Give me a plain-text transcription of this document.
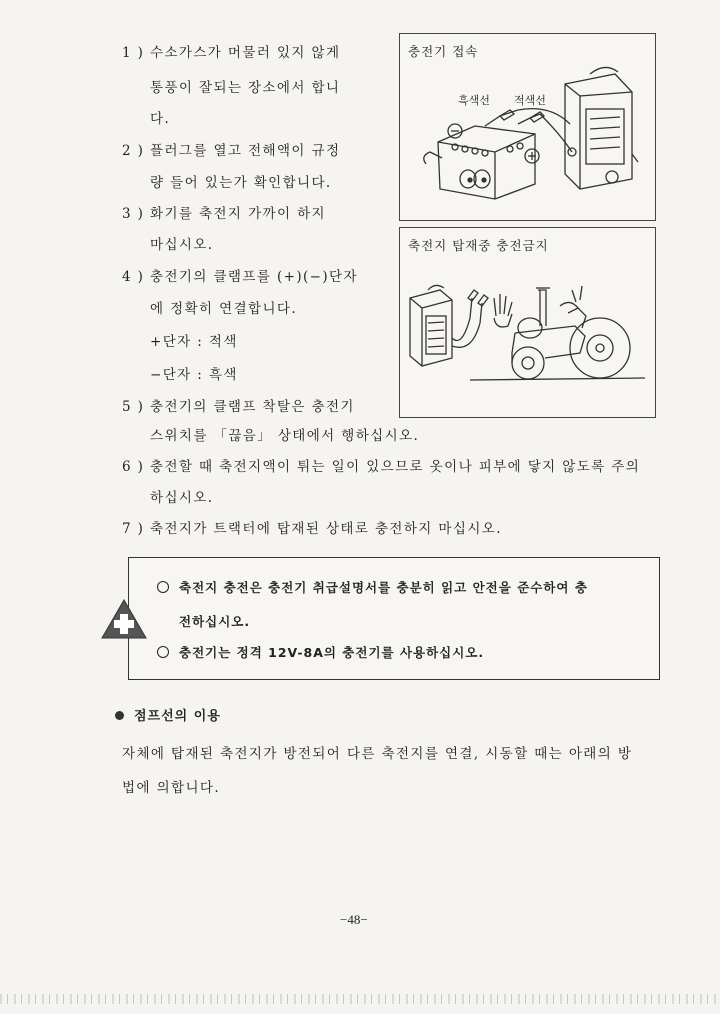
1 ) 수소가스가 머물러 있지 않게
통풍이 잘되는 장소에서 합니
다.
2 ) 플러그를 열고 전해액이 규정
량 들어 있는가 확인합니다.
3 ) 화기를 축전지 가까이 하지
마십시오.
4 ) 충전기의 클램프를 (+)(−)단자
에 정확히 연결합니다.
+단자 : 적색
−단자 : 흑색
5 ) 충전기의 클램프 착탈은 충전기
스위치를 「끊음」 상태에서 행하십시오.
6 ) 충전할 때 축전지액이 튀는 일이 있으므로 옷이나 피부에 닿지 않도록 주의
하십시오.
7 ) 축전지가 트랙터에 탑재된 상태로 충전하지 마십시오.
충전기 접속
흑색선 적색선
축전지 탑재중 충전금지
축전지 충전은 충전기 취급설명서를 충분히 읽고 안전을 준수하여 충
전하십시오.
충전기는 정격 12V-8A의 충전기를 사용하십시오.
점프선의 이용
자체에 탑재된 축전지가 방전되어 다른 축전지를 연결, 시동할 때는 아래의 방
법에 의합니다.
−48−
